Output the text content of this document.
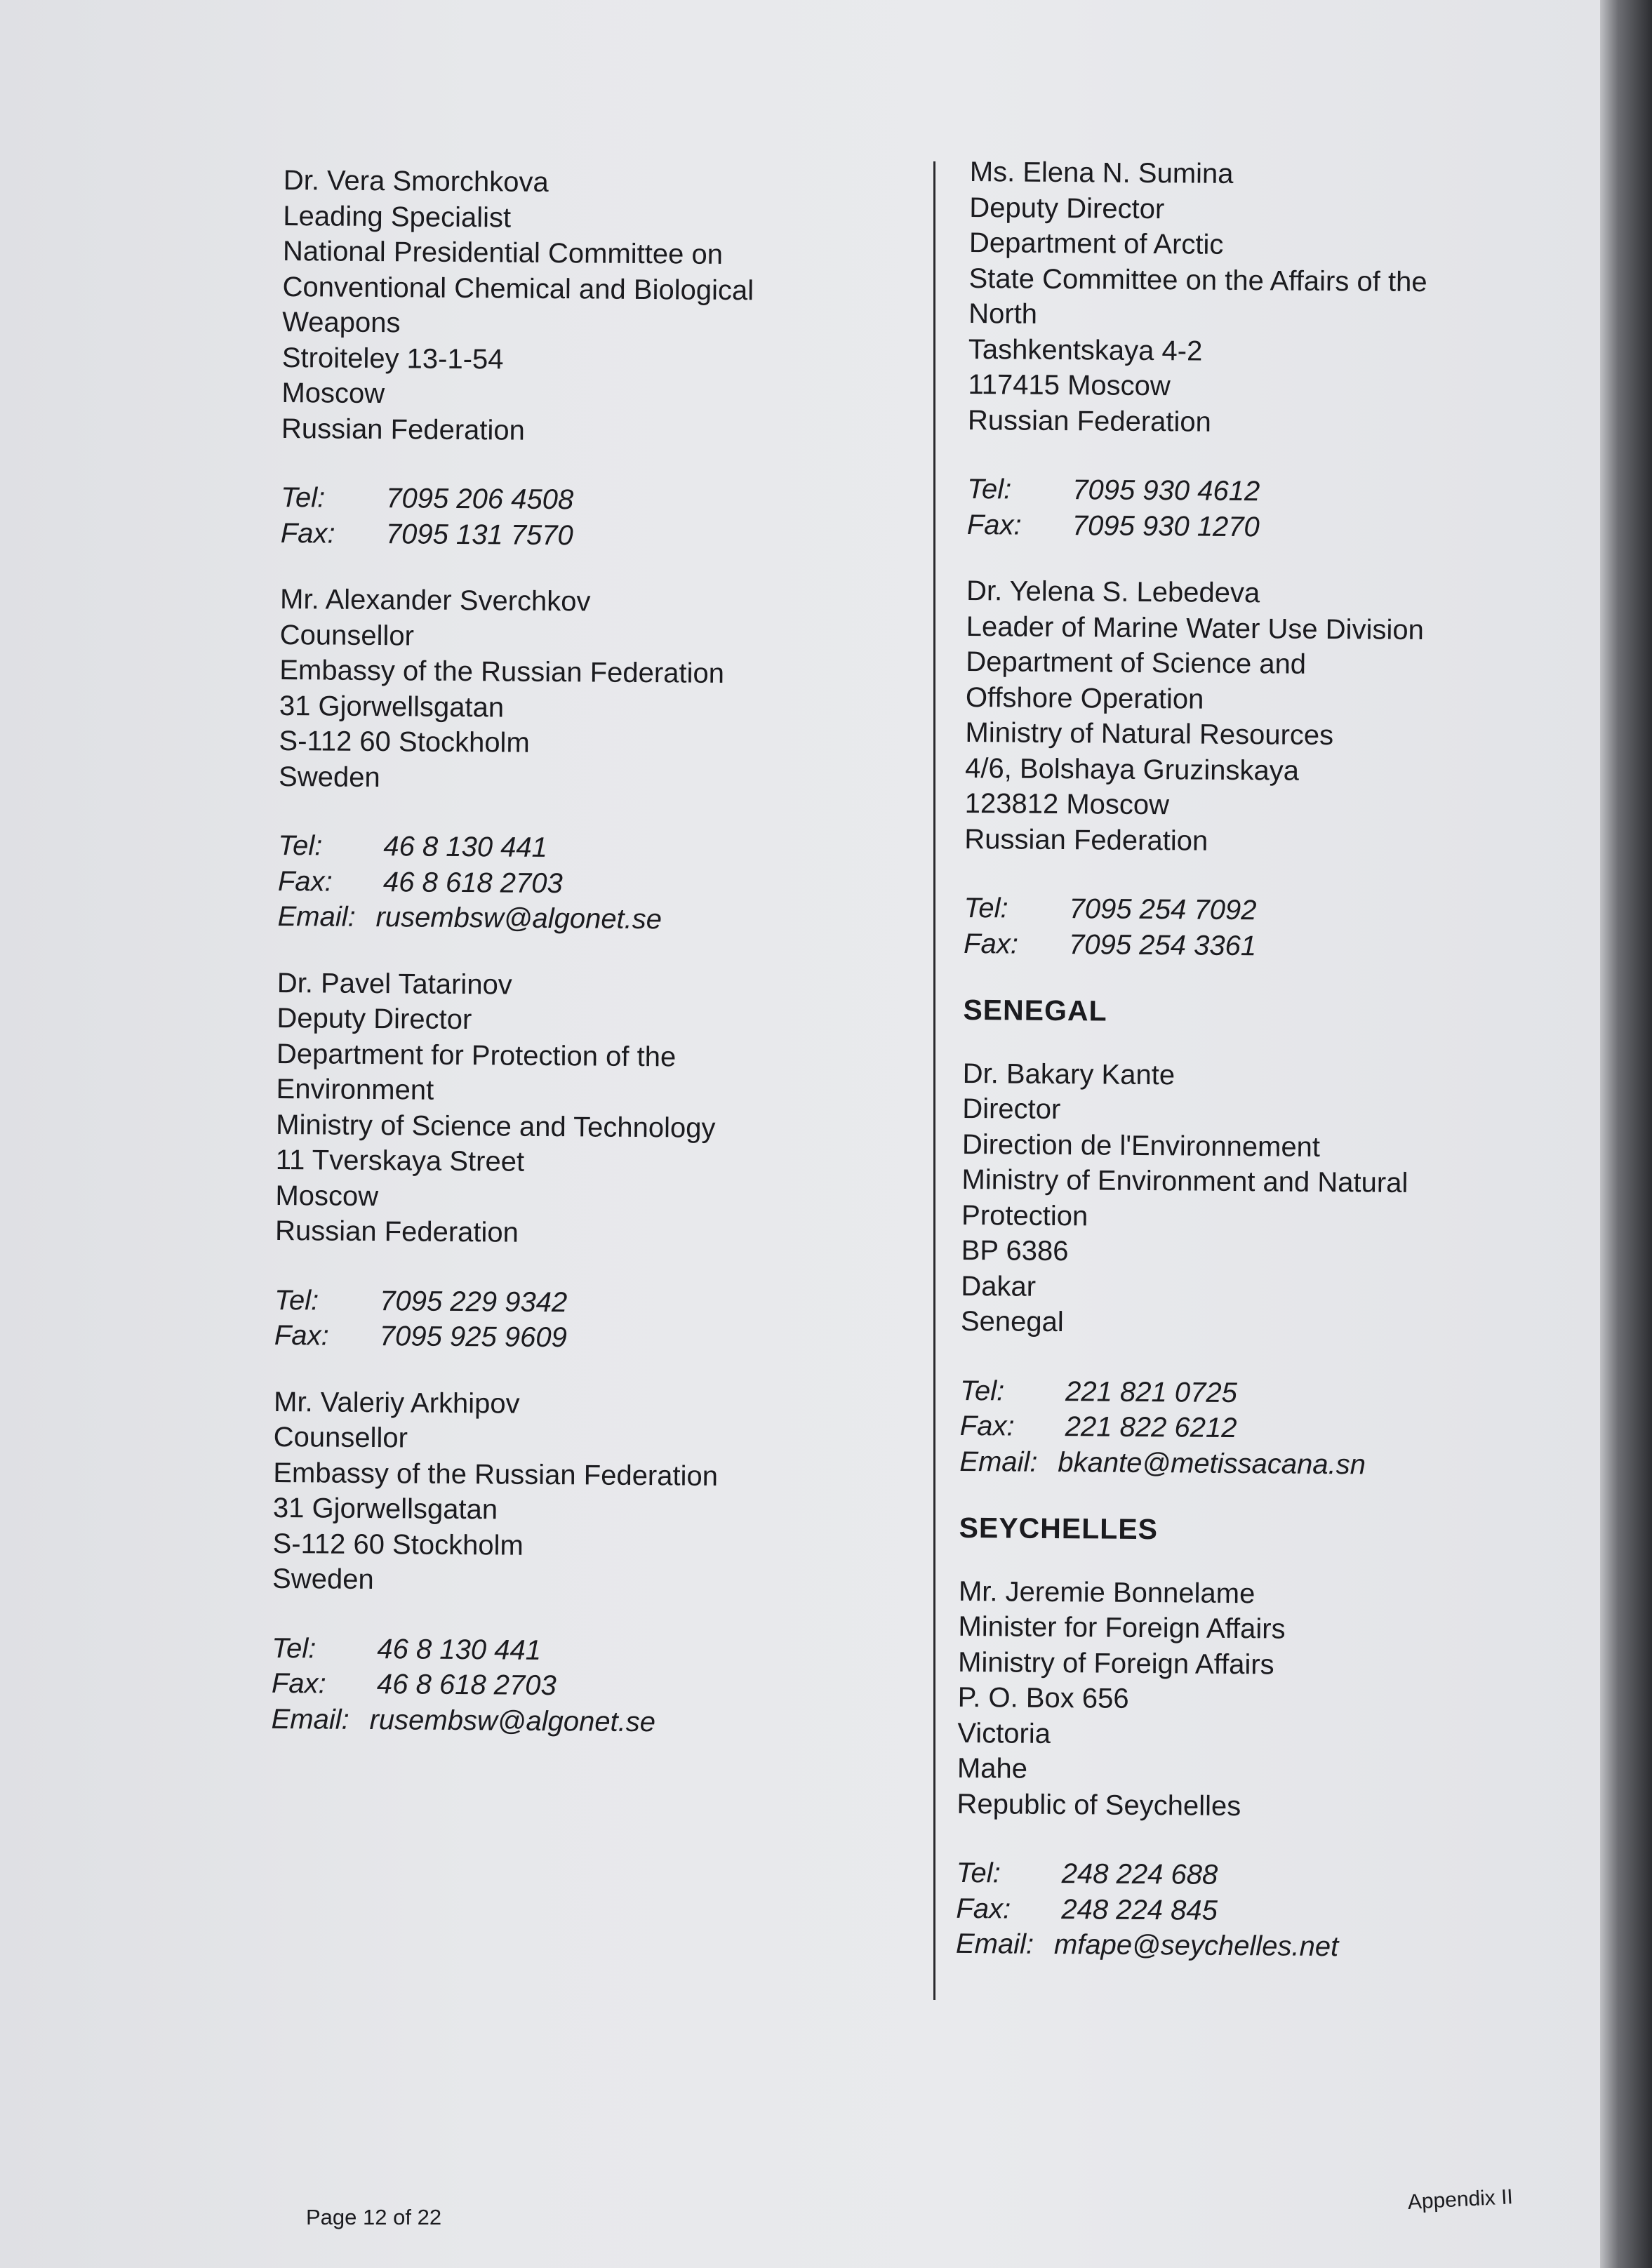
Dr. Vera Smorchkova
Leading Specialist
National Presidential Committee on
Conventional Chemical and Biological
Weapons
Stroiteley 13-1-54
Moscow
Russian Federation
Tel:	7095 206 4508
Fax:	7095 131 7570
Mr. Alexander Sverchkov
Counsellor
Embassy of the Russian Federation
31 Gjorwellsgatan
S-112 60 Stockholm
Sweden
Tel:	46 8 130 441
Fax:	46 8 618 2703
Email: rusembsw@algonet.se
Dr. Pavel Tatarinov
Deputy Director
Department for Protection of the
Environment
Ministry of Science and Technology
11 Tverskaya Street
Moscow
Russian Federation
Tel:	7095 229 9342
Fax:	7095 925 9609
Mr. Valeriy Arkhipov
Counsellor
Embassy of the Russian Federation
31 Gjorwellsgatan
S-112 60 Stockholm
Sweden
Tel:	46 8 130 441
Fax:	46 8 618 2703
Email: rusembsw@algonet.se
Ms. Elena N. Sumina
Deputy Director
Department of Arctic
State Committee on the Affairs of the
North
Tashkentskaya 4-2
117415 Moscow
Russian Federation
Tel:	7095 930 4612
Fax:	7095 930 1270
Dr. Yelena S. Lebedeva
Leader of Marine Water Use Division
Department of Science and
Offshore Operation
Ministry of Natural Resources
4/6, Bolshaya Gruzinskaya
123812 Moscow
Russian Federation
Tel:	7095 254 7092
Fax:	7095 254 3361
SENEGAL
Dr. Bakary Kante
Director
Direction de l'Environnement
Ministry of Environment and Natural
Protection
BP 6386
Dakar
Senegal
Tel:	221 821 0725
Fax:	221 822 6212
Email: bkante@metissacana.sn
SEYCHELLES
Mr. Jeremie Bonnelame
Minister for Foreign Affairs
Ministry of Foreign Affairs
P. O. Box 656
Victoria
Mahe
Republic of Seychelles
Tel:	248 224 688
Fax:	248 224 845
Email: mfape@seychelles.net
Page 12 of 22
Appendix II
